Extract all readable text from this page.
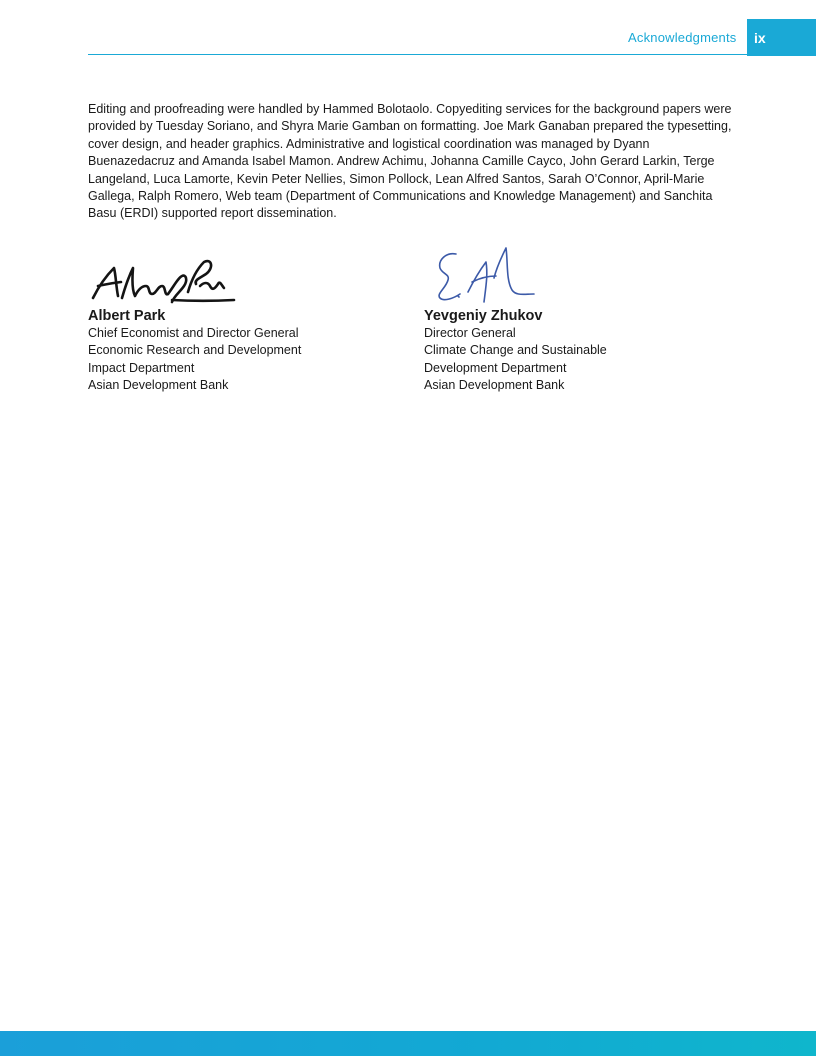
Acknowledgments ix

Editing and proofreading were handled by Hammed Bolotaolo. Copyediting services for the background papers were provided by Tuesday Soriano, and Shyra Marie Gamban on formatting. Joe Mark Ganaban prepared the typesetting, cover design, and header graphics. Administrative and logistical coordination was managed by Dyann Buenazedacruz and Amanda Isabel Mamon. Andrew Achimu, Johanna Camille Cayco, John Gerard Larkin, Terge Langeland, Luca Lamorte, Kevin Peter Nellies, Simon Pollock, Lean Alfred Santos, Sarah O’Connor, April-Marie Gallega, Ralph Romero, Web team (Department of Communications and Knowledge Management) and Sanchita Basu (ERDI) supported report dissemination.

Albert Park
Chief Economist and Director General
Economic Research and Development
Impact Department
Asian Development Bank
Yevgeniy Zhukov
Director General
Climate Change and Sustainable
Development Department
Asian Development Bank
